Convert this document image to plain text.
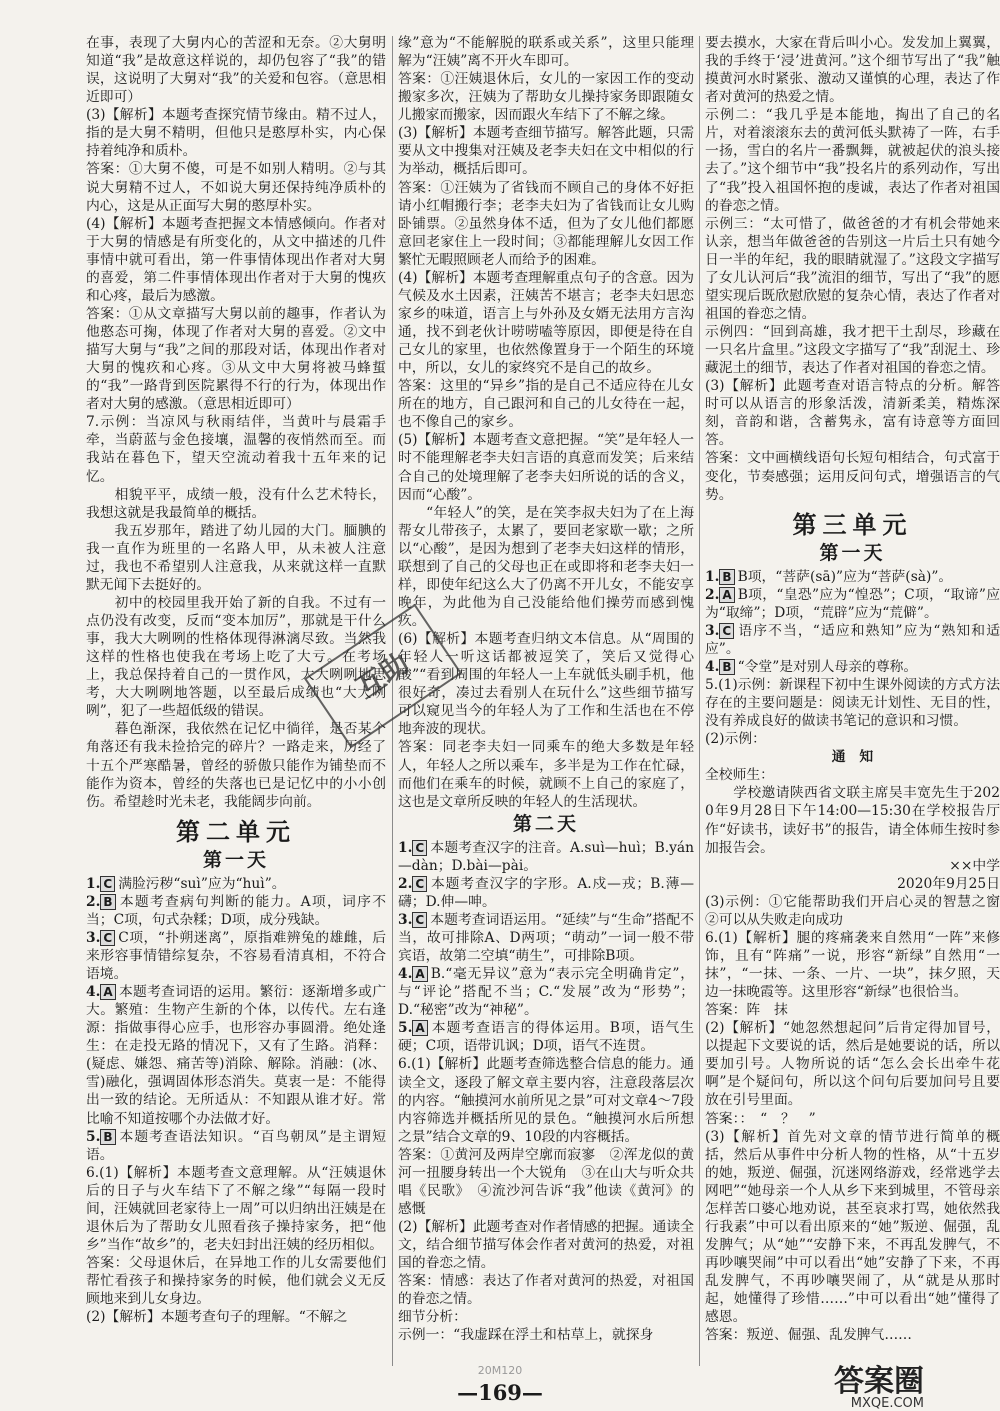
在事，表现了大舅内心的苦涩和无奈。②大舅明知道“我”是故意这样说的，却仍包容了“我”的错误，这说明了大舅对“我”的关爱和包容。（意思相近即可）

(3)【解析】本题考查探究情节缘由。精不过人，指的是大舅不精明，但他只是憨厚朴实，内心保持着纯净和质朴。

答案：①大舅不傻，可是不如别人精明。②与其说大舅精不过人，不如说大舅还保持纯净质朴的内心，这是从正面写大舅的憨厚朴实。

(4)【解析】本题考查把握文本情感倾向。作者对于大舅的情感是有所变化的，从文中描述的几件事情中就可看出，第一件事情体现出作者对大舅的喜爱，第二件事情体现出作者对于大舅的愧疚和心疼，最后为感激。

答案：①从文章描写大舅以前的趣事，作者认为他憨态可掬，体现了作者对大舅的喜爱。②文中描写大舅与“我”之间的那段对话，体现出作者对大舅的愧疚和心疼。③从文中大舅将被马蜂蜇的“我”一路背到医院累得不行的行为，体现出作者对大舅的感激。（意思相近即可）

7.示例：当凉风与秋雨结伴，当黄叶与晨霜手牵，当蔚蓝与金色接壤，温馨的夜悄然而至。而我站在暮色下，望天空流动着我十五年来的记忆。

　　相貌平平，成绩一般，没有什么艺术特长，我想这就是我最简单的概括。

　　我五岁那年，踏进了幼儿园的大门。腼腆的我一直作为班里的一名路人甲，从未被人注意过，我也不希望别人注意我，从来就这样一直默默无闻下去挺好的。

　　初中的校园里我开始了新的自我。不过有一点仍没有改变，反而“变本加厉”，那就是干什么事，我大大咧咧的性格体现得淋漓尽致。当然我这样的性格也使我在考场上吃了大亏。在考场上，我总保持着自己的一贯作风，大大咧咧地思考，大大咧咧地答题，以至最后成绩也“大大咧咧”，犯了一些超低级的错误。

　　暮色渐深，我依然在记忆中徜徉，是否某个角落还有我未捡拾完的碎片？一路走来，历经了十五个严寒酷暑，曾经的骄傲只能作为铺垫而不能作为资本，曾经的失落也已是记忆中的小小创伤。希望趁时光未老，我能阔步向前。

第二单元
第一天

1. C 满脸污秽“suì”应为“huì”。

2. B 本题考查病句判断的能力。A项，词序不当；C项，句式杂糅；D项，成分残缺。

3. C C项，“扑朔迷离”，原指难辨兔的雄雌，后来形容事情错综复杂，不容易看清真相，不符合语境。

4. A 本题考查词语的运用。繁衍：逐渐增多或广大。繁殖：生物产生新的个体，以传代。左右逢源：指做事得心应手，也形容办事圆滑。绝处逢生：在走投无路的情况下，又有了生路。消释：(疑虑、嫌怨、痛苦等)消除、解除。消融：(冰、雪)融化，强调固体形态消失。莫衷一是：不能得出一致的结论。无所适从：不知跟从谁才好。常比喻不知道按哪个办法做才好。

5. B 本题考查语法知识。“百鸟朝凤”是主谓短语。

6.(1)【解析】本题考查文意理解。从“汪姨退休后的日子与火车结下了不解之缘”“每隔一段时间，汪姨就回老家待上一周”可以归纳出汪姨是在退休后为了帮助女儿照看孩子操持家务，把“他乡”当作“故乡”的，老夫妇封出汪姨的经历相似。

答案：父母退休后，在异地工作的儿女需要他们帮忙看孩子和操持家务的时候，他们就会义无反顾地来到儿女身边。

(2)【解析】本题考查句子的理解。“不解之

缘”意为“不能解脱的联系或关系”，这里只能理解为“汪姨”离不开火车即可。

答案：①汪姨退休后，女儿的一家因工作的变动搬家多次，汪姨为了帮助女儿操持家务即跟随女儿搬家而搬家，因而跟火车结下了不解之缘。

(3)【解析】本题考查细节描写。解答此题，只需要从文中搜集对汪姨及老李夫妇在文中相似的行为举动，概括后即可。

答案：①汪姨为了省钱而不顾自己的身体不好拒请小红帽搬行李；老李夫妇为了省钱而让女儿购卧铺票。②虽然身体不适，但为了女儿他们都愿意回老家住上一段时间；③都能理解儿女因工作繁忙无暇照顾老人而给予的困难。

(4)【解析】本题考查理解重点句子的含意。因为气候及水土因素，汪姨苦不堪言；老李夫妇思恋家乡的味道，语言上与外孙及女婿无法用方言沟通，找不到老伙计唠唠嗑等原因，即便是待在自己女儿的家里，也依然像置身于一个陌生的环境中，所以，女儿的家终究不是自己的故乡。

答案：这里的“异乡”指的是自己不适应待在儿女所在的地方，自己跟河和自己的儿女待在一起，也不像自己的家乡。

(5)【解析】本题考查文意把握。“笑”是年轻人一时不能理解老李夫妇言语的真意而发笑；后来结合自己的处境理解了老李夫妇所说的话的含义，因而“心酸”。

　　“年轻人”的笑，是在笑李叔夫妇为了在上海帮女儿带孩子，太累了，要回老家歇一歇；之所以“心酸”，是因为想到了老李夫妇这样的情形，联想到了自己的父母也正在或即将和老李夫妇一样，即使年纪这么大了仍离不开儿女，不能安享晚年，为此他为自己没能给他们操劳而感到愧疚。

(6)【解析】本题考查归纳文本信息。从“周围的年轻人一听这话都被逗笑了，笑后又觉得心酸”“看到周围的年轻人一上车就低头刷手机，他很好奇，凑过去看别人在玩什么”这些细节描写可以窥见当今的年轻人为了工作和生活也在不停地奔波的现状。

答案：同老李夫妇一同乘车的绝大多数是年轻人，年轻人之所以乘车，多半是为工作在忙碌，而他们在乘车的时候，就顾不上自己的家庭了，这也是文章所反映的年轻人的生活现状。

第二天

1. C 本题考查汉字的注音。A.suì—huì；B.yán—dàn；D.bài—pài。

2. C 本题考查汉字的字形。A.戍—戎；B.薄—礴；D.伸—呻。

3. C 本题考查词语运用。“延续”与“生命”搭配不当，故可排除A、D两项；“萌动”一词一般不带宾语，故第二空填“萌生”，可排除B项。

4. A B.“毫无异议”意为“表示完全明确肯定”，与“评论”搭配不当；C.“发展”改为“形势”；D.“秘密”改为“神秘”。

5. A 本题考查语言的得体运用。B项，语气生硬；C项，语带讥讽；D项，语气不连贯。

6.(1)【解析】此题考查筛选整合信息的能力。通读全文，逐段了解文章主要内容，注意段落层次的内容。“触摸河水前所见之景”可对文章4～7段内容筛选并概括所见的景色。“触摸河水后所想之景”结合文章的9、10段的内容概括。

答案：①黄河及两岸空廓而寂寥　②浑龙似的黄河一扭腰身转出一个大锐角　③在山大与听众共唱《民歌》　④流沙河告诉“我”他读《黄河》的感慨

(2)【解析】此题考查对作者情感的把握。通读全文，结合细节描写体会作者对黄河的热爱，对祖国的眷恋之情。

答案：情感：表达了作者对黄河的热爱，对祖国的眷恋之情。

细节分析：

示例一：“我虚踩在浮土和枯草上，就探身

要去摸水，大家在背后叫小心。发发加上翼翼，我的手终于‘浸’进黄河。”这个细节写出了“我”触摸黄河水时紧张、激动又谨慎的心理，表达了作者对黄河的热爱之情。

示例二：“我几乎是本能地，掏出了自己的名片，对着滚滚东去的黄河低头默祷了一阵，右手一扬，雪白的名片一番飘舞，就被起伏的浪头接去了。”这个细节中“我”投名片的系列动作，写出了“我”投入祖国怀抱的虔诚，表达了作者对祖国的眷恋之情。

示例三：“太可惜了，做爸爸的才有机会带她来认亲，想当年做爸爸的告别这一片后土只有她今日一半的年纪，我的眼睛就湿了。”这段文字描写了女儿认河后“我”流泪的细节，写出了“我”的愿望实现后既欣慰欣慰的复杂心情，表达了作者对祖国的眷恋之情。

示例四：“回到高雄，我才把干土刮尽，珍藏在一只名片盒里。”这段文字描写了“我”刮泥土、珍藏泥土的细节，表达了作者对祖国的眷恋之情。

(3)【解析】此题考查对语言特点的分析。解答时可以从语言的形象活泼，清新柔美，精炼深刻，音韵和谐，含蓄隽永，富有诗意等方面回答。

答案：文中画横线语句长短句相结合，句式富于变化，节奏感强；运用反问句式，增强语言的气势。

第三单元
第一天

1. B B项，“菩萨(sā)”应为“菩萨(sà)”。

2. A B项，“皇恐”应为“惶恐”；C项，“取谛”应为“取缔”；D项，“荒辟”应为“荒僻”。

3. C 语序不当，“适应和熟知”应为“熟知和适应”。

4. B “令堂”是对别人母亲的尊称。

5.(1)示例：新课程下初中生课外阅读的方式方法存在的主要问题是：阅读无计划性、无目的性，没有养成良好的做读书笔记的意识和习惯。

(2)示例：

通　知

全校师生：

　　学校邀请陕西省文联主席吴丰宽先生于2020年9月28日下午14:00—15:30在学校报告厅作“好读书，读好书”的报告，请全体师生按时参加报告会。

××中学

2020年9月25日

(3)示例：①它能帮助我们开启心灵的智慧之窗　②可以从失败走向成功

6.(1)【解析】腿的疼痛袭来自然用“一阵”来修饰，且有“阵痛”一说，形容“新绿”自然用“一抹”，“一抹、一条、一片、一块”，抹夕照，天边一抹晚霞等。这里形容“新绿”也很恰当。

答案：阵　抹

(2)【解析】“她忽然想起问”后肯定得加冒号，以提起下文要说的话，然后是她要说的话，所以要加引号。人物所说的话“怎么会长出牵牛花啊”是个疑问句，所以这个问句后要加问号且要放在引号里面。

答案：：　“　？　”

(3)【解析】首先对文章的情节进行简单的概括，然后从事件中分析人物的性格，从“十五岁的她，叛逆、倔强，沉迷网络游戏，经常逃学去网吧”“她母亲一个人从乡下来到城里，不管母亲怎样苦口婆心地劝说，甚至哀求打骂，她依然我行我素”中可以看出原来的“她”叛逆、倔强，乱发脾气；从“她”“安静下来，不再乱发脾气，不再吵嚷哭闹”中可以看出“她”安静了下来，不再乱发脾气，不再吵嚷哭闹了，从“就是从那时起，她懂得了珍惜……”中可以看出“她”懂得了感恩。

答案：叛逆、倔强、乱发脾气……

互助
20M120
—169—	答案圈
MXQE.COM
